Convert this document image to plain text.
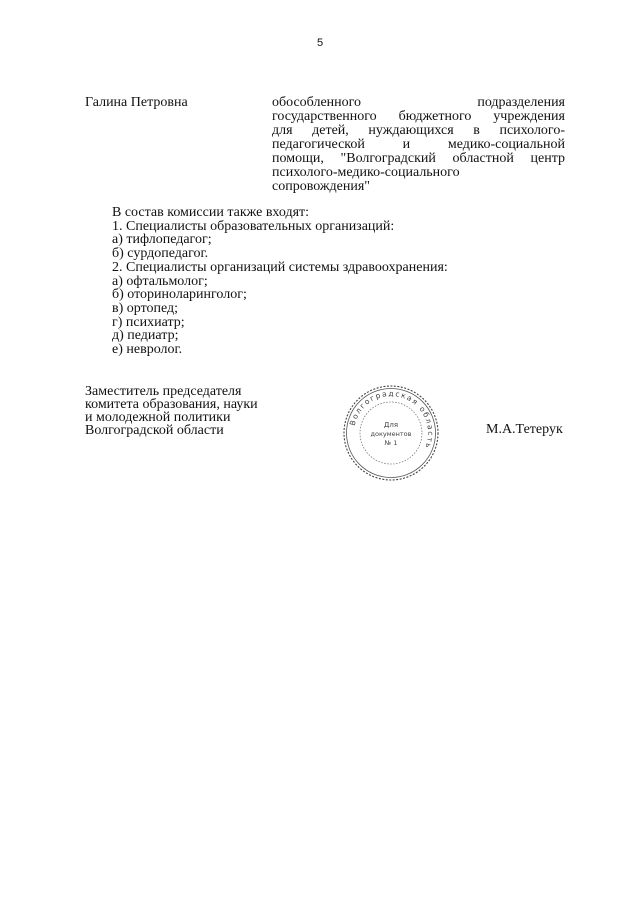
5
Галина Петровна	обособленного подразделения
государственного бюджетного учреждения
для детей, нуждающихся в психолого-
педагогической и медико-социальной
помощи, "Волгоградский областной центр
психолого-медико-социального
сопровождения"
В состав комиссии также входят:
1. Специалисты образовательных организаций:
а) тифлопедагог;
б) сурдопедагог.
2. Специалисты организаций системы здравоохранения:
а) офтальмолог;
б) оториноларинголог;
в) ортопед;
г) психиатр;
д) педиатр;
е) невролог.
Заместитель председателя
комитета образования, науки
и молодежной политики
Волгоградской области
Волгоградская область
Для
документов
№ 1
М.А.Тетерук
